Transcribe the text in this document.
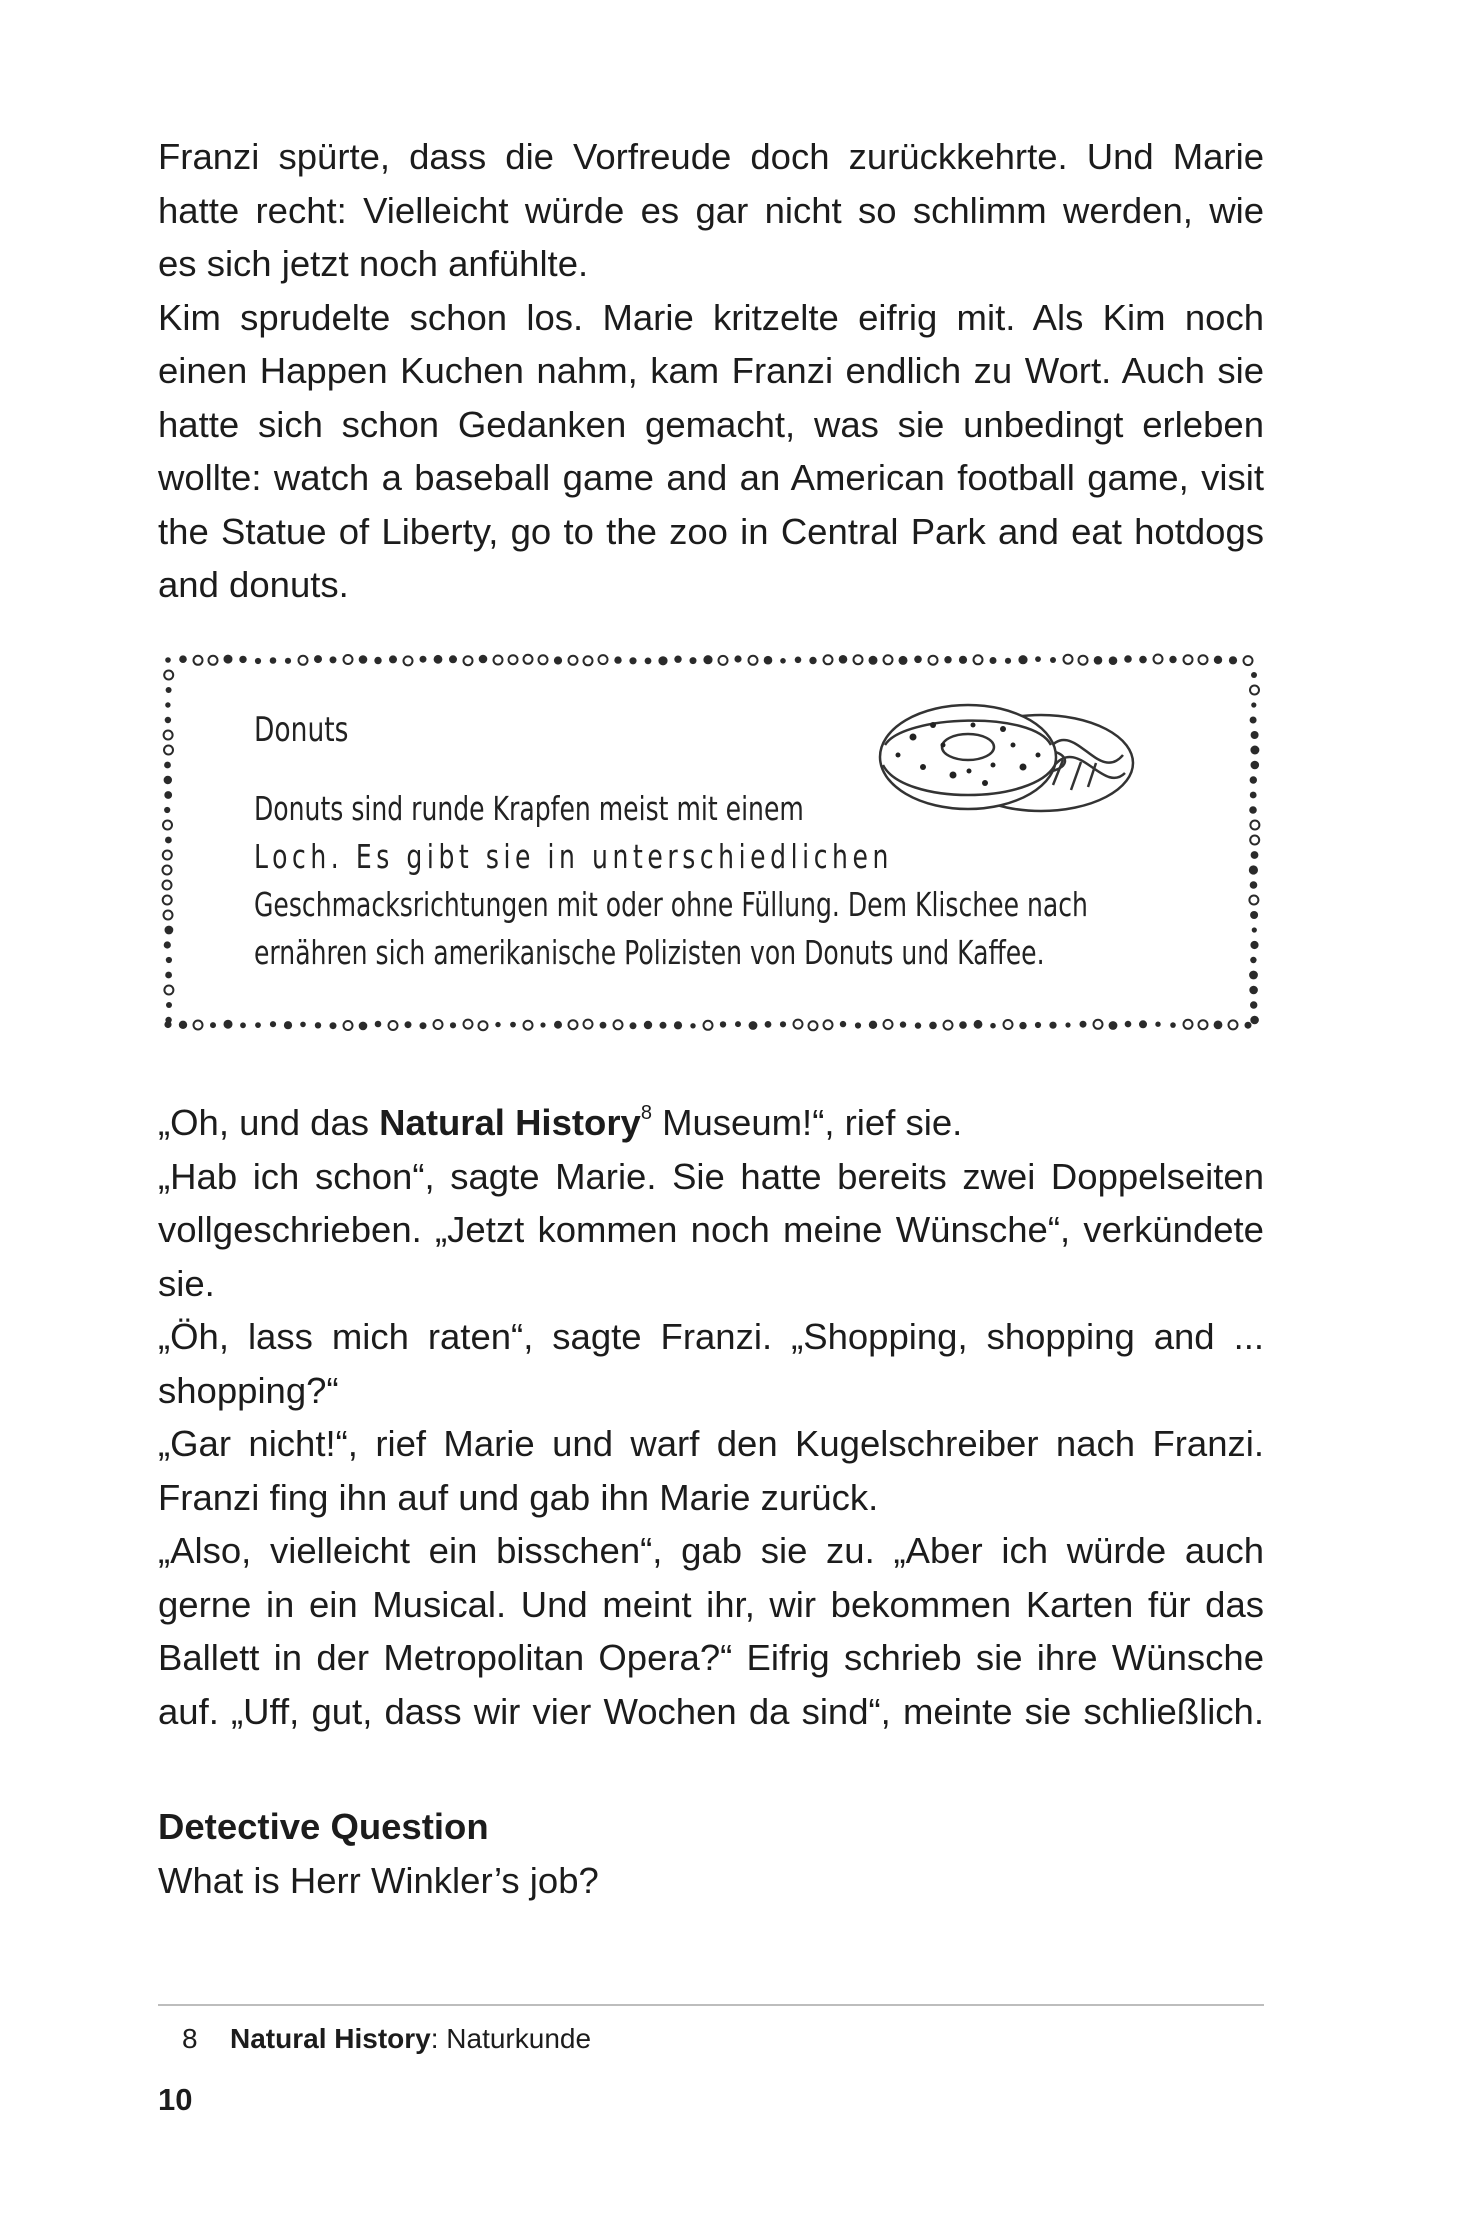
Franzi spürte, dass die Vorfreude doch zurückkehrte. Und Marie
hatte recht: Vielleicht würde es gar nicht so schlimm werden, wie
es sich jetzt noch anfühlte.
Kim sprudelte schon los. Marie kritzelte eifrig mit. Als Kim noch
einen Happen Kuchen nahm, kam Franzi endlich zu Wort. Auch sie
hatte sich schon Gedanken gemacht, was sie unbedingt erleben
wollte: watch a baseball game and an American football game, visit
the Statue of Liberty, go to the zoo in Central Park and eat hotdogs
and donuts.
Donuts
Donuts sind runde Krapfen meist mit einem
Loch. Es gibt sie in unterschiedlichen
Geschmacksrichtungen mit oder ohne Füllung. Dem Klischee nach
ernähren sich amerikanische Polizisten von Donuts und Kaffee.
„Oh, und das Natural History$^8$ Museum!“, rief sie.
„Hab ich schon“, sagte Marie. Sie hatte bereits zwei Doppelseiten
vollgeschrieben. „Jetzt kommen noch meine Wünsche“, verkündete
sie.
„Öh, lass mich raten“, sagte Franzi. „Shopping, shopping and ...
shopping?“
„Gar nicht!“, rief Marie und warf den Kugelschreiber nach Franzi.
Franzi fing ihn auf und gab ihn Marie zurück.
„Also, vielleicht ein bisschen“, gab sie zu. „Aber ich würde auch
gerne in ein Musical. Und meint ihr, wir bekommen Karten für das
Ballett in der Metropolitan Opera?“ Eifrig schrieb sie ihre Wünsche
auf. „Uff, gut, dass wir vier Wochen da sind“, meinte sie schließlich.
Detective Question
What is Herr Winkler’s job?
8 Natural History: Naturkunde
10
